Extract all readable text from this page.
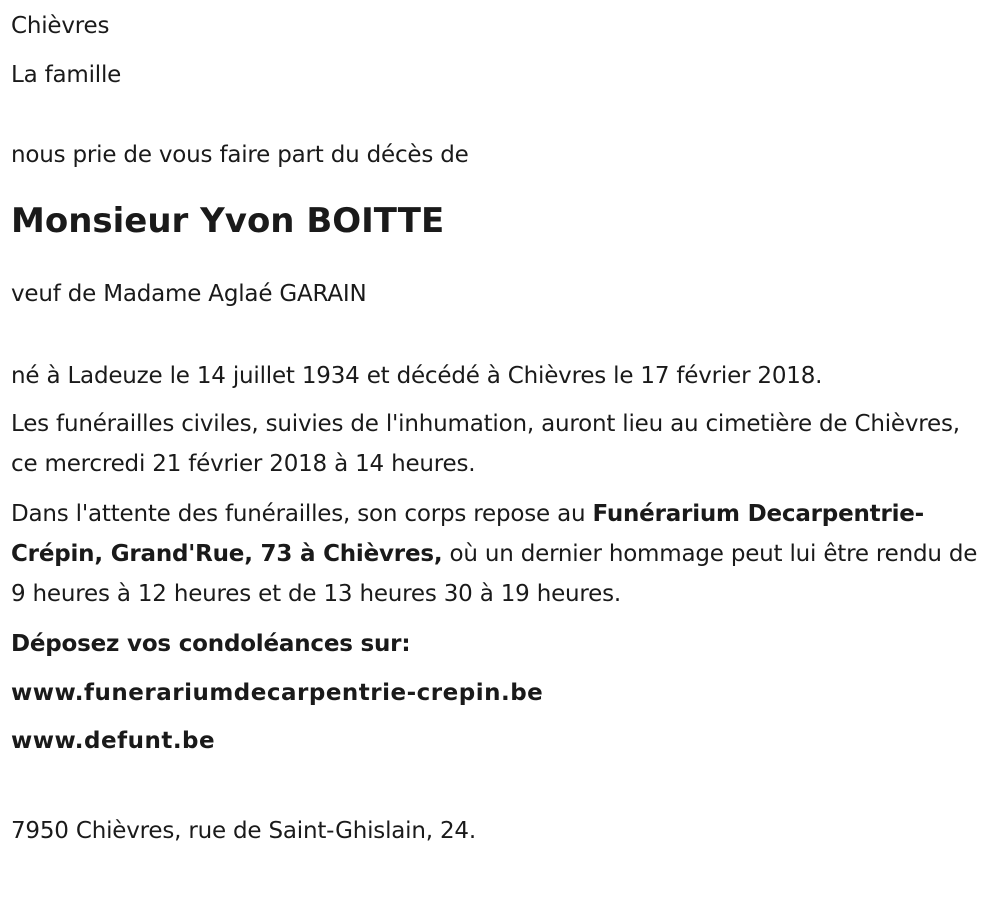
Chièvres

La famille

nous prie de vous faire part du décès de

Monsieur Yvon BOITTE

veuf de Madame Aglaé GARAIN

né à Ladeuze le 14 juillet 1934 et décédé à Chièvres le 17 février 2018.

Les funérailles civiles, suivies de l'inhumation, auront lieu au cimetière de Chièvres, ce mercredi 21 février 2018 à 14 heures.

Dans l'attente des funérailles, son corps repose au Funérarium Decarpentrie-Crépin, Grand'Rue, 73 à Chièvres, où un dernier hommage peut lui être rendu de 9 heures à 12 heures et de 13 heures 30 à 19 heures.

Déposez vos condoléances sur:

www.funerariumdecarpentrie-crepin.be

www.defunt.be

7950 Chièvres, rue de Saint-Ghislain, 24.
